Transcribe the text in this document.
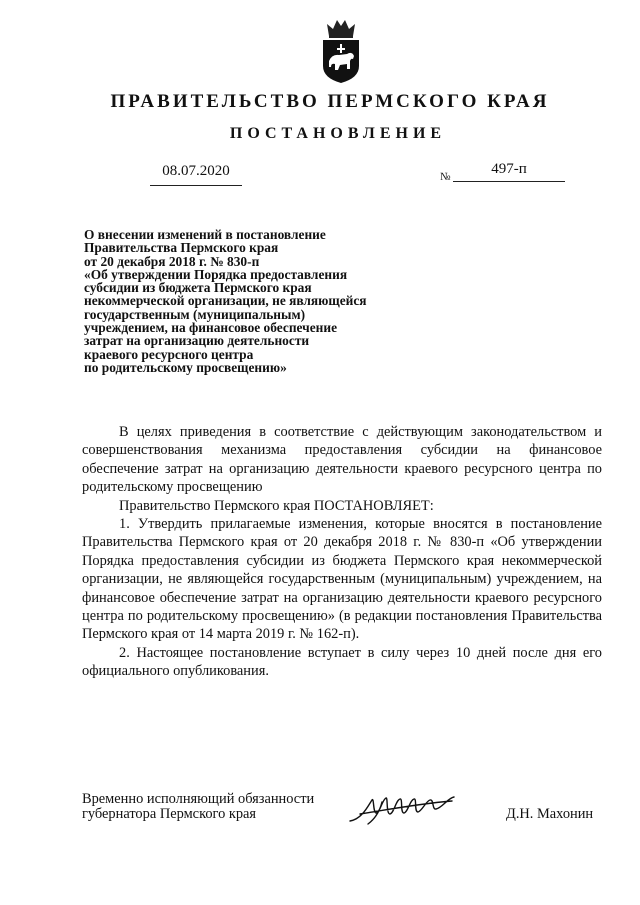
ПРАВИТЕЛЬСТВО ПЕРМСКОГО КРАЯ
ПОСТАНОВЛЕНИЕ
08.07.2020	№	497-п
О внесении изменений в постановление
Правительства Пермского края
от 20 декабря 2018 г. № 830-п
«Об утверждении Порядка предоставления
субсидии из бюджета Пермского края
некоммерческой организации, не являющейся
государственным (муниципальным)
учреждением, на финансовое обеспечение
затрат на организацию деятельности
краевого ресурсного центра
по родительскому просвещению»

В целях приведения в соответствие с действующим законодательством и совершенствования механизма предоставления субсидии на финансовое обеспечение затрат на организацию деятельности краевого ресурсного центра по родительскому просвещению

Правительство Пермского края ПОСТАНОВЛЯЕТ:

1. Утвердить прилагаемые изменения, которые вносятся в постановление Правительства Пермского края от 20 декабря 2018 г. № 830-п «Об утверждении Порядка предоставления субсидии из бюджета Пермского края некоммерческой организации, не являющейся государственным (муниципальным) учреждением, на финансовое обеспечение затрат на организацию деятельности краевого ресурсного центра по родительскому просвещению» (в редакции постановления Правительства Пермского края от 14 марта 2019 г. № 162-п).

2. Настоящее постановление вступает в силу через 10 дней после дня его официального опубликования.

Временно исполняющий обязанности
губернатора Пермского края	Д.Н. Махонин
